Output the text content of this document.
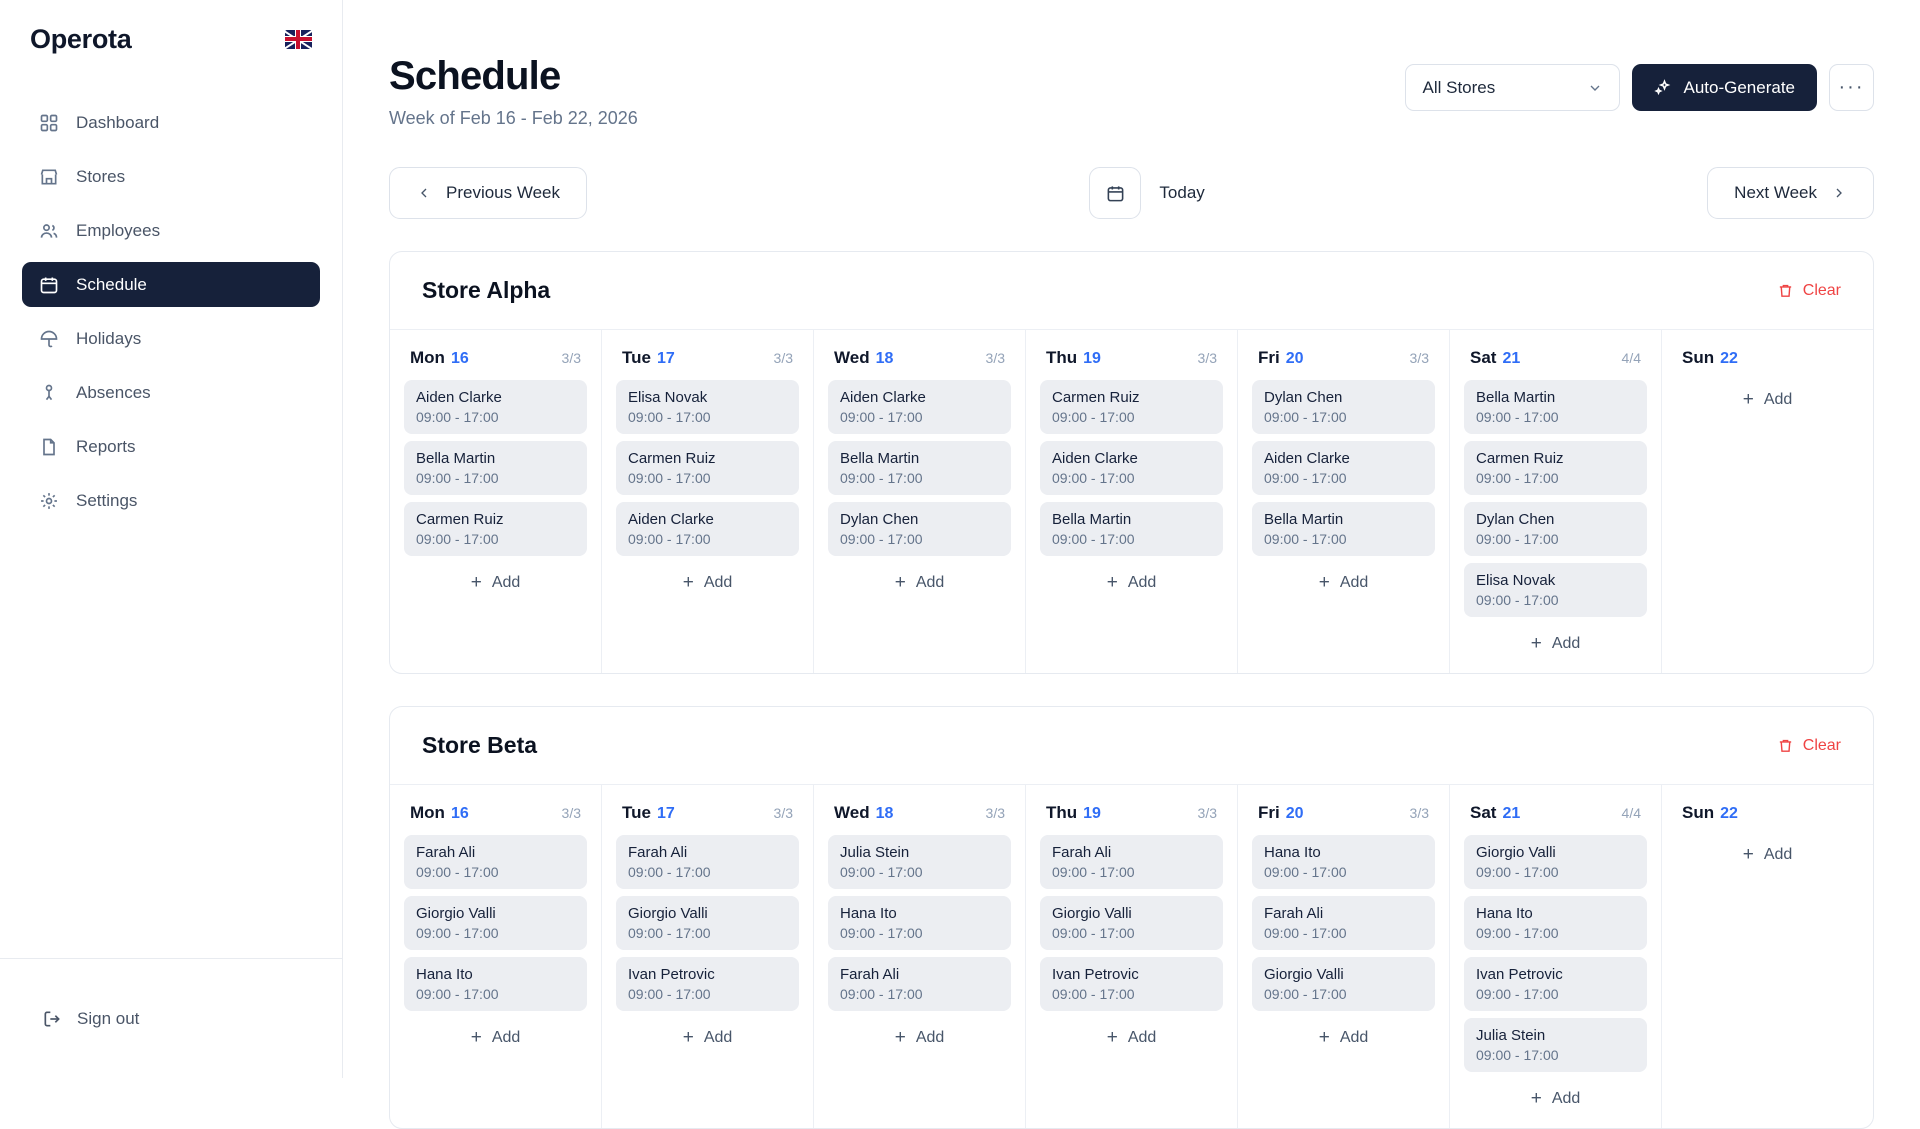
Operota
Dashboard
Stores
Employees
Schedule
Holidays
Absences
Reports
Settings
Sign out
Schedule
Week of Feb 16 - Feb 22, 2026
All Stores	Auto-Generate	···
Previous Week	Today	Next Week
Store Alpha	Clear
Mon 16	3/3
Aiden Clarke
09:00 - 17:00
Bella Martin
09:00 - 17:00
Carmen Ruiz
09:00 - 17:00
+ Add
Tue 17	3/3
Elisa Novak
09:00 - 17:00
Carmen Ruiz
09:00 - 17:00
Aiden Clarke
09:00 - 17:00
+ Add
Wed 18	3/3
Aiden Clarke
09:00 - 17:00
Bella Martin
09:00 - 17:00
Dylan Chen
09:00 - 17:00
+ Add
Thu 19	3/3
Carmen Ruiz
09:00 - 17:00
Aiden Clarke
09:00 - 17:00
Bella Martin
09:00 - 17:00
+ Add
Fri 20	3/3
Dylan Chen
09:00 - 17:00
Aiden Clarke
09:00 - 17:00
Bella Martin
09:00 - 17:00
+ Add
Sat 21	4/4
Bella Martin
09:00 - 17:00
Carmen Ruiz
09:00 - 17:00
Dylan Chen
09:00 - 17:00
Elisa Novak
09:00 - 17:00
+ Add
Sun 22
+ Add
Store Beta	Clear
Mon 16	3/3
Farah Ali
09:00 - 17:00
Giorgio Valli
09:00 - 17:00
Hana Ito
09:00 - 17:00
+ Add
Tue 17	3/3
Farah Ali
09:00 - 17:00
Giorgio Valli
09:00 - 17:00
Ivan Petrovic
09:00 - 17:00
+ Add
Wed 18	3/3
Julia Stein
09:00 - 17:00
Hana Ito
09:00 - 17:00
Farah Ali
09:00 - 17:00
+ Add
Thu 19	3/3
Farah Ali
09:00 - 17:00
Giorgio Valli
09:00 - 17:00
Ivan Petrovic
09:00 - 17:00
+ Add
Fri 20	3/3
Hana Ito
09:00 - 17:00
Farah Ali
09:00 - 17:00
Giorgio Valli
09:00 - 17:00
+ Add
Sat 21	4/4
Giorgio Valli
09:00 - 17:00
Hana Ito
09:00 - 17:00
Ivan Petrovic
09:00 - 17:00
Julia Stein
09:00 - 17:00
+ Add
Sun 22
+ Add
